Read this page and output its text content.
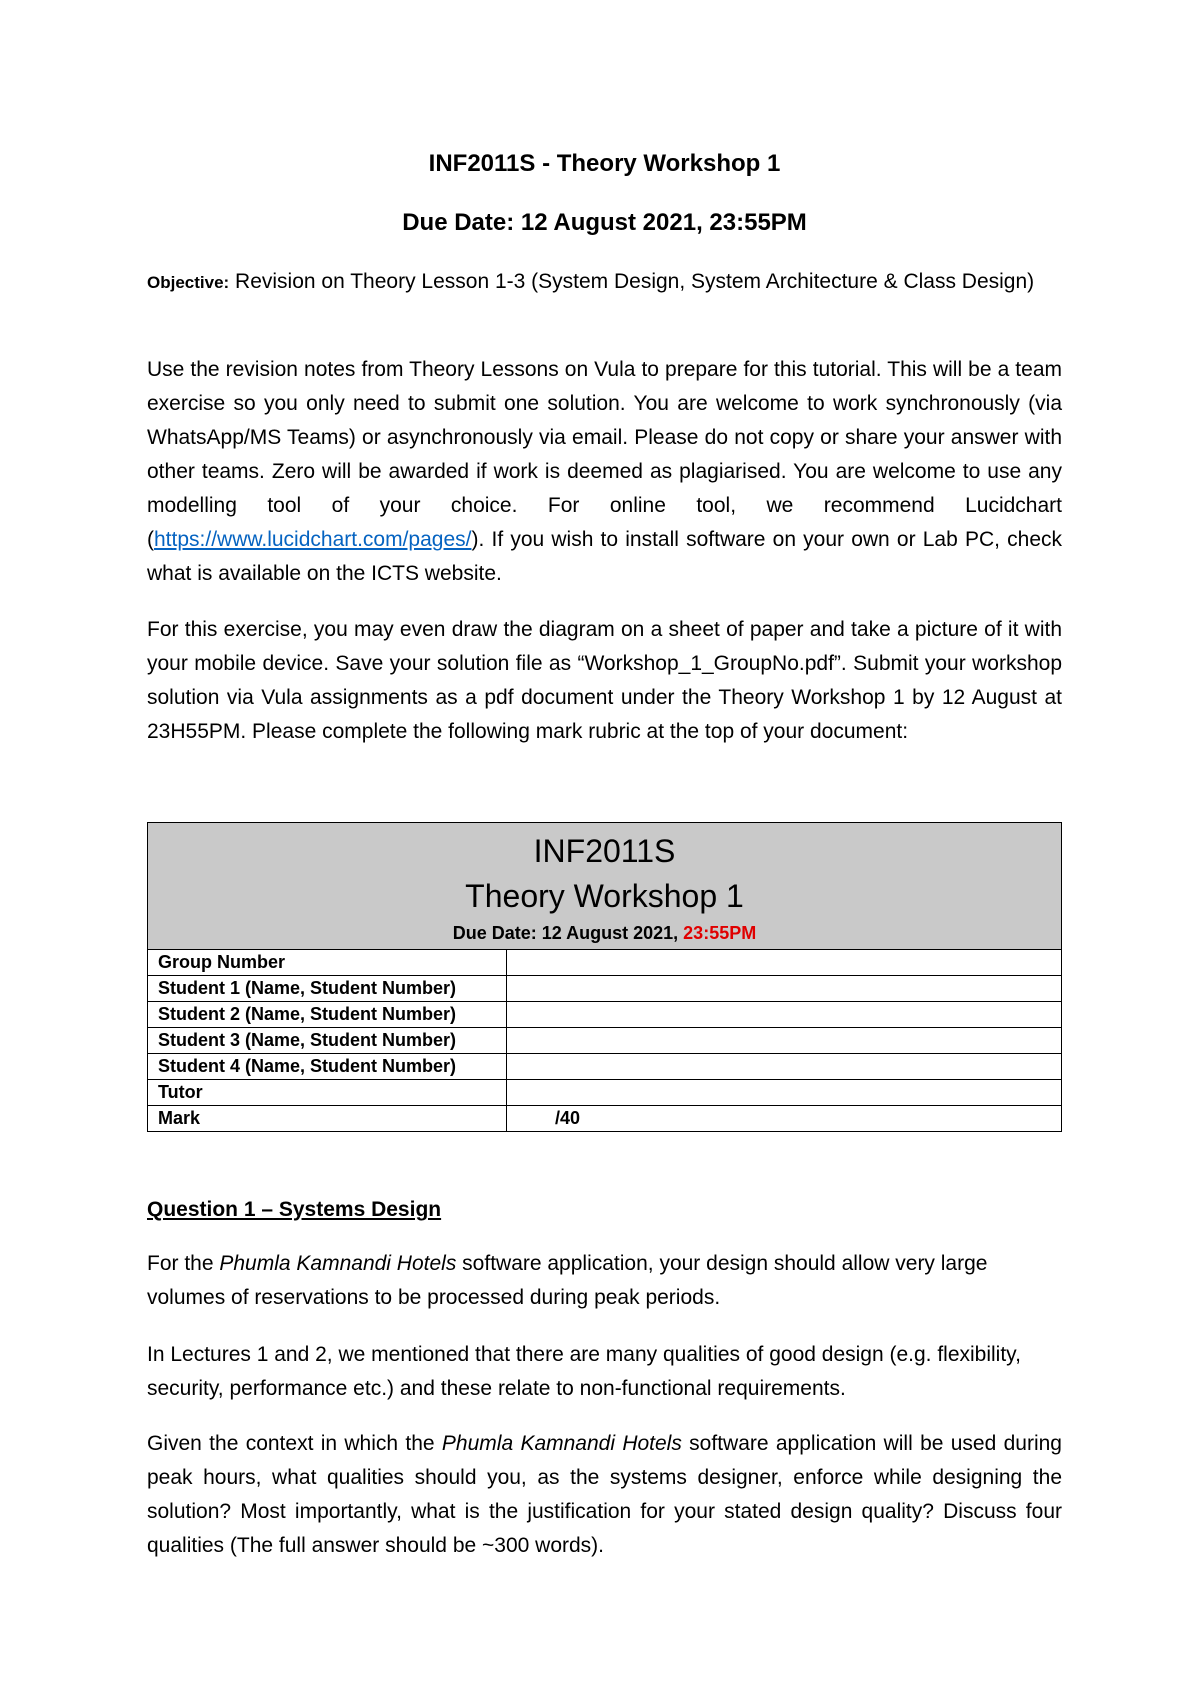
INF2011S - Theory Workshop 1
Due Date: 12 August 2021, 23:55PM

Objective: Revision on Theory Lesson 1-3 (System Design, System Architecture & Class Design)

Use the revision notes from Theory Lessons on Vula to prepare for this tutorial. This will be a team exercise so you only need to submit one solution. You are welcome to work synchronously (via WhatsApp/MS Teams) or asynchronously via email. Please do not copy or share your answer with other teams. Zero will be awarded if work is deemed as plagiarised. You are welcome to use any modelling tool of your choice. For online tool, we recommend Lucidchart (https://www.lucidchart.com/pages/). If you wish to install software on your own or Lab PC, check what is available on the ICTS website.

For this exercise, you may even draw the diagram on a sheet of paper and take a picture of it with your mobile device. Save your solution file as “Workshop_1_GroupNo.pdf”. Submit your workshop solution via Vula assignments as a pdf document under the Theory Workshop 1 by 12 August at 23H55PM. Please complete the following mark rubric at the top of your document:

INF2011S
Theory Workshop 1
Due Date: 12 August 2021, 23:55PM	

Group Number	
Student 1 (Name, Student Number)	
Student 2 (Name, Student Number)	
Student 3 (Name, Student Number)	
Student 4 (Name, Student Number)	
Tutor	
Mark	/40

Question 1 – Systems Design

For the Phumla Kamnandi Hotels software application, your design should allow very large volumes of reservations to be processed during peak periods.

In Lectures 1 and 2, we mentioned that there are many qualities of good design (e.g. flexibility, security, performance etc.) and these relate to non-functional requirements.

Given the context in which the Phumla Kamnandi Hotels software application will be used during peak hours, what qualities should you, as the systems designer, enforce while designing the solution? Most importantly, what is the justification for your stated design quality? Discuss four qualities (The full answer should be ~300 words).
